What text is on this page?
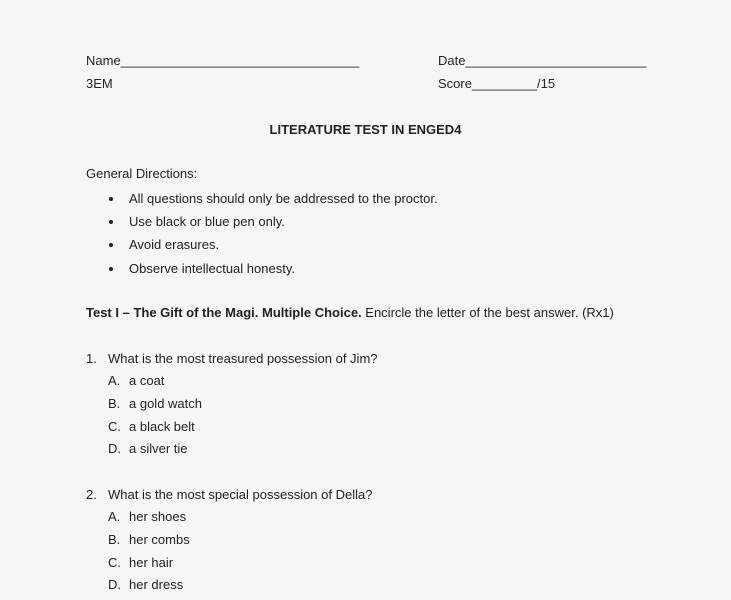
Name_________________________________	Date_________________________
3EM	Score_________/15
LITERATURE TEST IN ENGED4
General Directions:
All questions should only be addressed to the proctor.
Use black or blue pen only.
Avoid erasures.
Observe intellectual honesty.
Test I – The Gift of the Magi. Multiple Choice. Encircle the letter of the best answer. (Rx1)
1. What is the most treasured possession of Jim?
A. a coat
B. a gold watch
C. a black belt
D. a silver tie
2. What is the most special possession of Della?
A. her shoes
B. her combs
C. her hair
D. her dress
